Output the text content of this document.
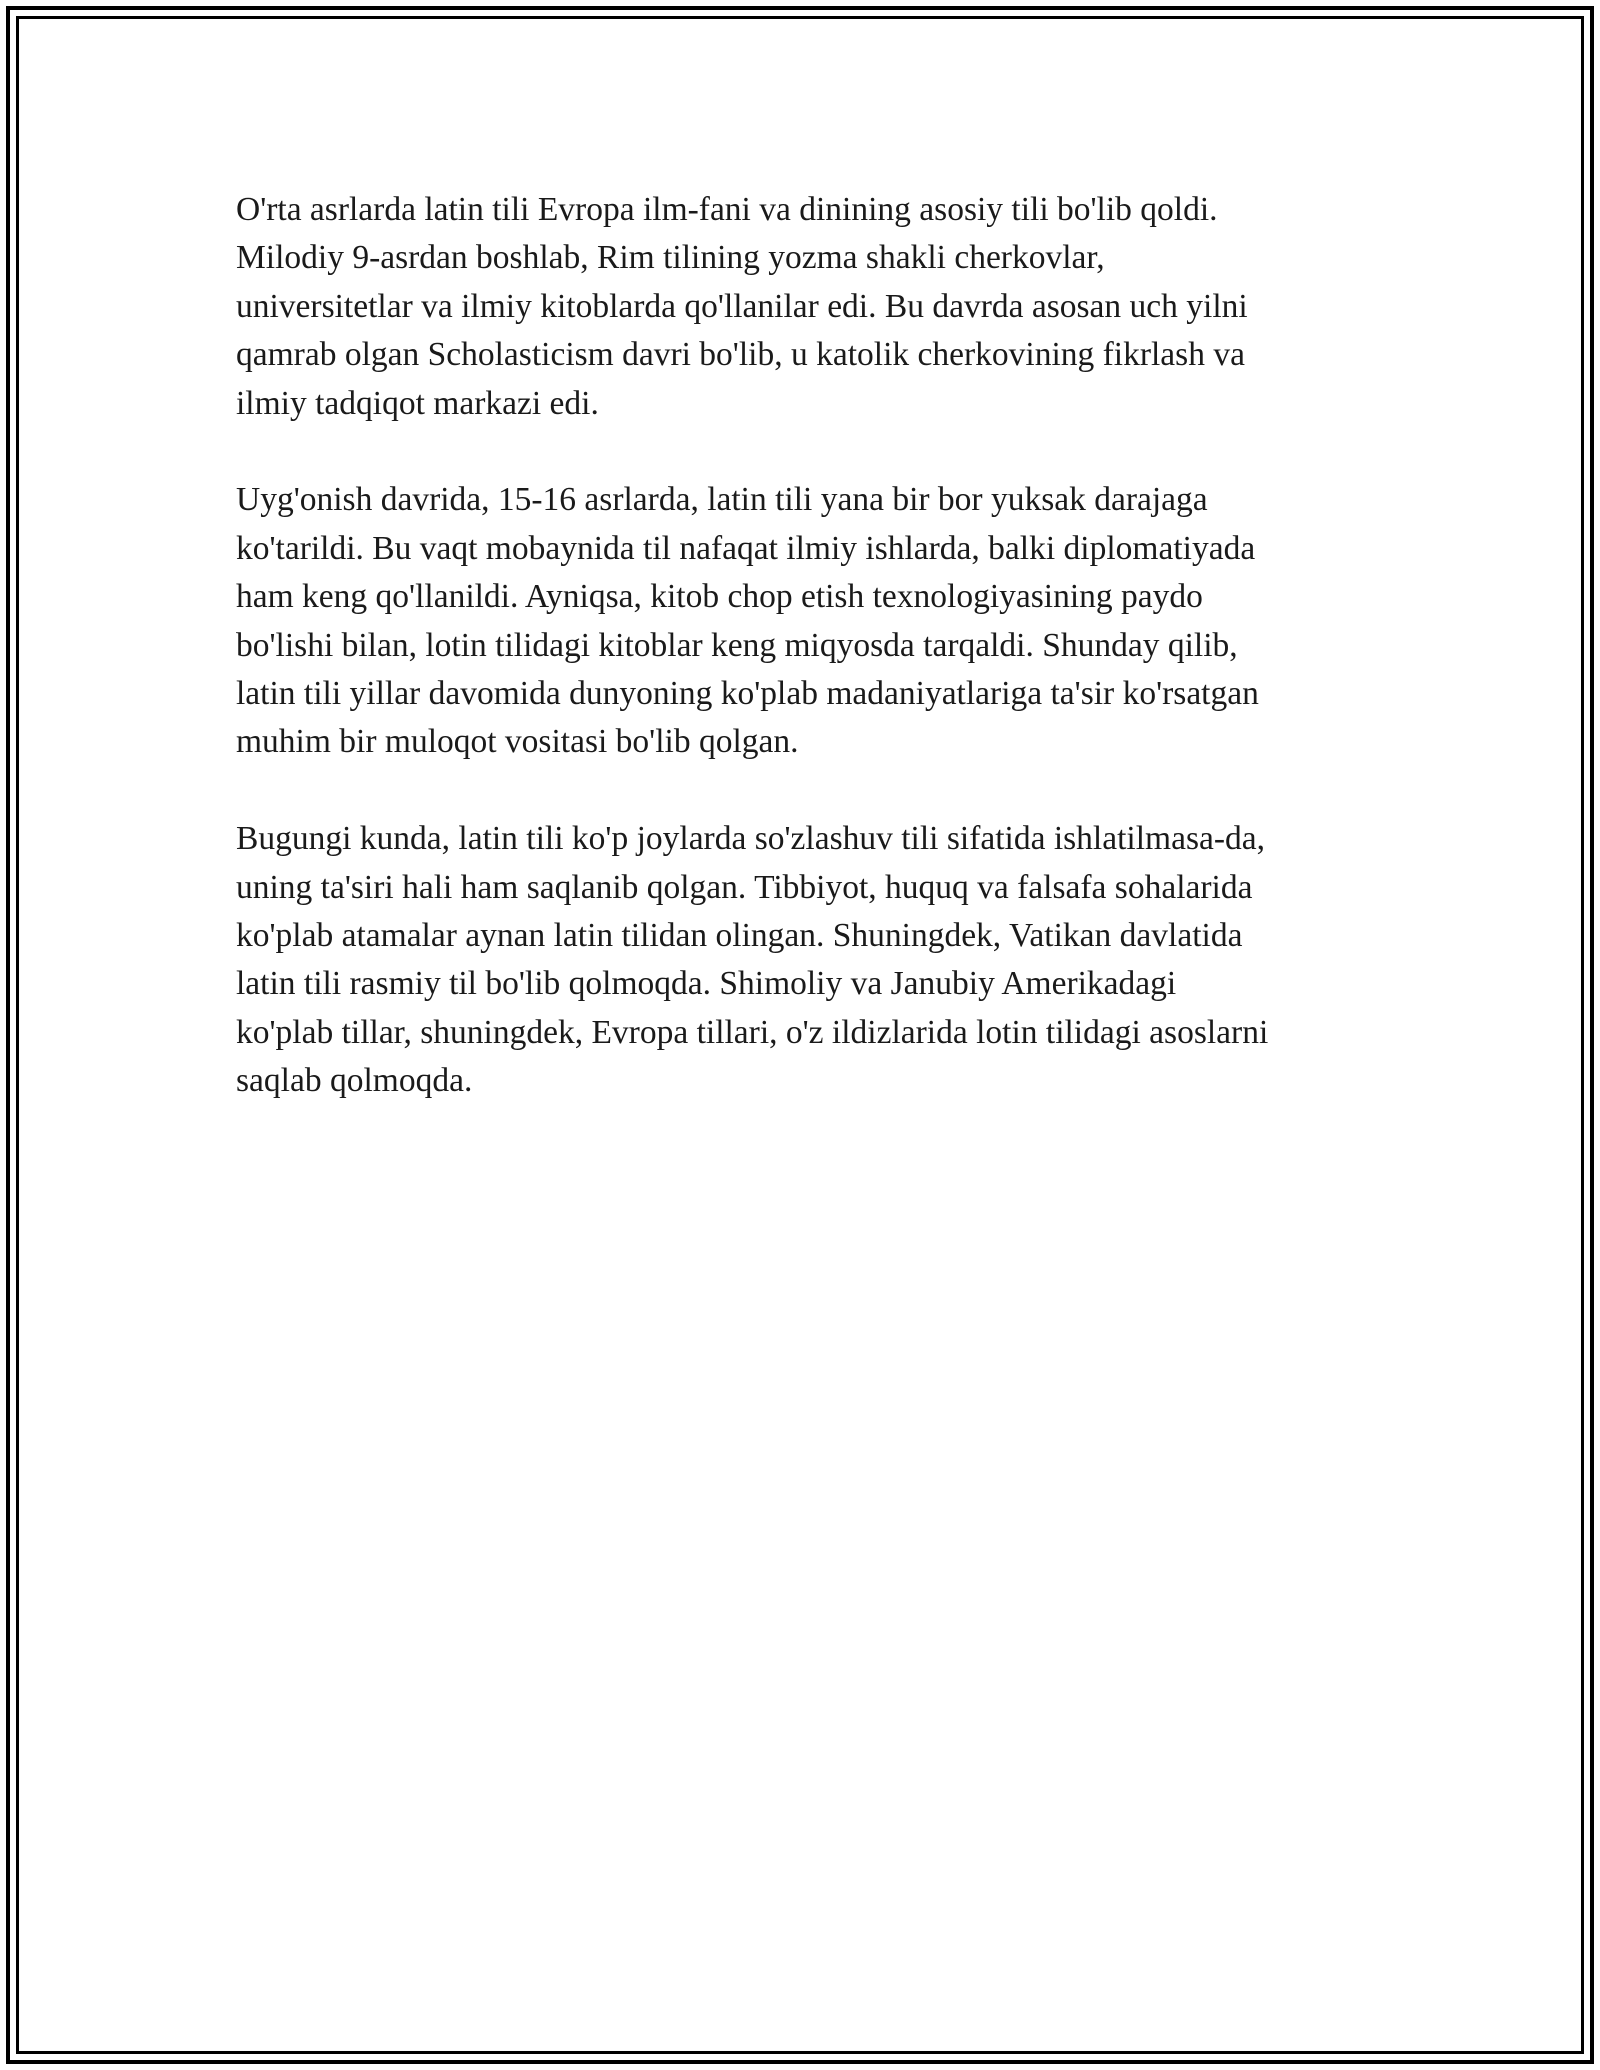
O'rta asrlarda latin tili Evropa ilm-fani va dinining asosiy tili bo'lib qoldi.
Milodiy 9-asrdan boshlab, Rim tilining yozma shakli cherkovlar,
universitetlar va ilmiy kitoblarda qo'llanilar edi. Bu davrda asosan uch yilni
qamrab olgan Scholasticism davri bo'lib, u katolik cherkovining fikrlash va
ilmiy tadqiqot markazi edi.

Uyg'onish davrida, 15-16 asrlarda, latin tili yana bir bor yuksak darajaga
ko'tarildi. Bu vaqt mobaynida til nafaqat ilmiy ishlarda, balki diplomatiyada
ham keng qo'llanildi. Ayniqsa, kitob chop etish texnologiyasining paydo
bo'lishi bilan, lotin tilidagi kitoblar keng miqyosda tarqaldi. Shunday qilib,
latin tili yillar davomida dunyoning ko'plab madaniyatlariga ta'sir ko'rsatgan
muhim bir muloqot vositasi bo'lib qolgan.

Bugungi kunda, latin tili ko'p joylarda so'zlashuv tili sifatida ishlatilmasa-da,
uning ta'siri hali ham saqlanib qolgan. Tibbiyot, huquq va falsafa sohalarida
ko'plab atamalar aynan latin tilidan olingan. Shuningdek, Vatikan davlatida
latin tili rasmiy til bo'lib qolmoqda. Shimoliy va Janubiy Amerikadagi
ko'plab tillar, shuningdek, Evropa tillari, o'z ildizlarida lotin tilidagi asoslarni
saqlab qolmoqda.
